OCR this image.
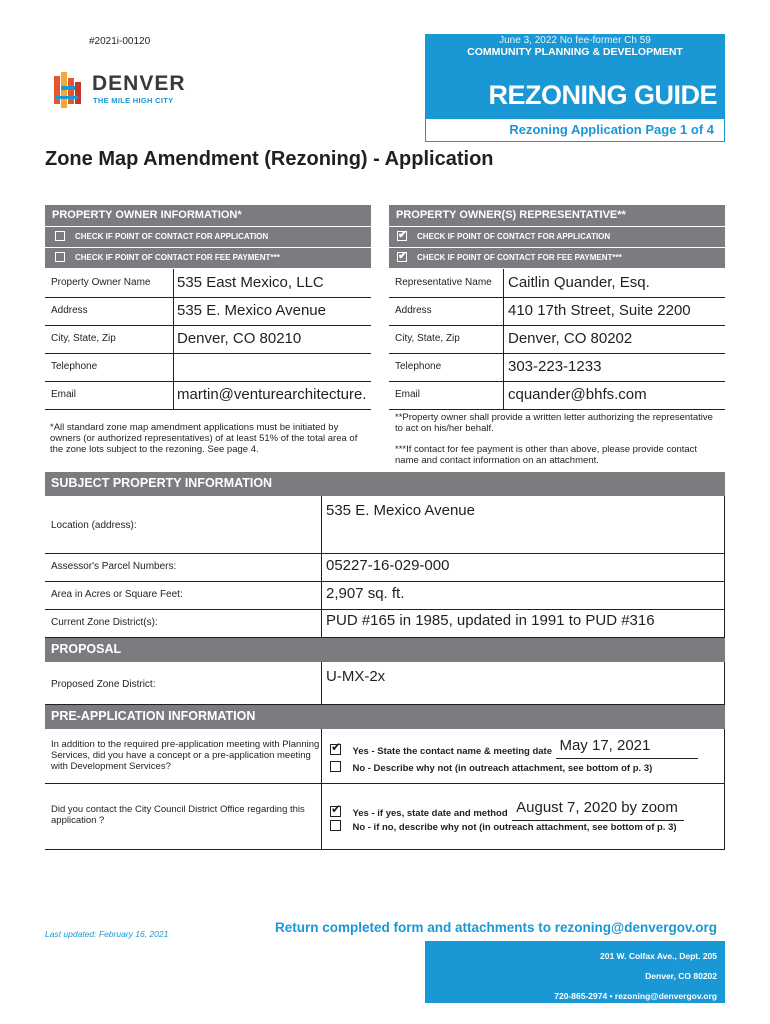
#2021i-00120
DENVER
THE MILE HIGH CITY
June 3, 2022 No fee-former Ch 59
COMMUNITY PLANNING & DEVELOPMENT
REZONING GUIDE
Rezoning Application Page 1 of 4
Zone Map Amendment (Rezoning) - Application
PROPERTY OWNER INFORMATION*	PROPERTY OWNER(S) REPRESENTATIVE**
CHECK IF POINT OF CONTACT FOR APPLICATION
CHECK IF POINT OF CONTACT FOR FEE PAYMENT***
✔CHECK IF POINT OF CONTACT FOR APPLICATION
✔CHECK IF POINT OF CONTACT FOR FEE PAYMENT***
Property Owner Name 535 East Mexico, LLC
Address	535 E. Mexico Avenue
City, State, Zip	Denver, CO 80210
Telephone
Email	martin@venturearchitecture.
Representative Name Caitlin Quander, Esq.
Address	410 17th Street, Suite 2200
City, State, Zip	Denver, CO 80202
Telephone	303-223-1233
Email	cquander@bhfs.com
*All standard zone map amendment applications must be initiated by owners (or authorized representatives) of at least 51% of the total area of the zone lots subject to the rezoning. See page 4.
**Property owner shall provide a written letter authorizing the representative to act on his/her behalf.
***If contact for fee payment is other than above, please provide contact name and contact information on an attachment.
SUBJECT PROPERTY INFORMATION
Location (address):
535 E. Mexico Avenue
Assessor's Parcel Numbers:	05227-16-029-000
Area in Acres or Square Feet:	2,907 sq. ft.
Current Zone District(s):	PUD #165 in 1985, updated in 1991 to PUD #316
PROPOSAL
Proposed Zone District:	U-MX-2x
PRE-APPLICATION INFORMATION
In addition to the required pre-application meeting with Planning Services, did you have a concept or a pre-application meeting with Development Services?
✔ Yes - State the contact name & meeting date May 17, 2021
No - Describe why not (in outreach attachment, see bottom of p. 3)
Did you contact the City Council District Office regarding this application ?
✔ Yes - if yes, state date and method August 7, 2020 by zoom
No - if no, describe why not (in outreach attachment, see bottom of p. 3)
Last updated: February 16, 2021	Return completed form and attachments to rezoning@denvergov.org
201 W. Colfax Ave., Dept. 205
Denver, CO 80202
720-865-2974 • rezoning@denvergov.org
